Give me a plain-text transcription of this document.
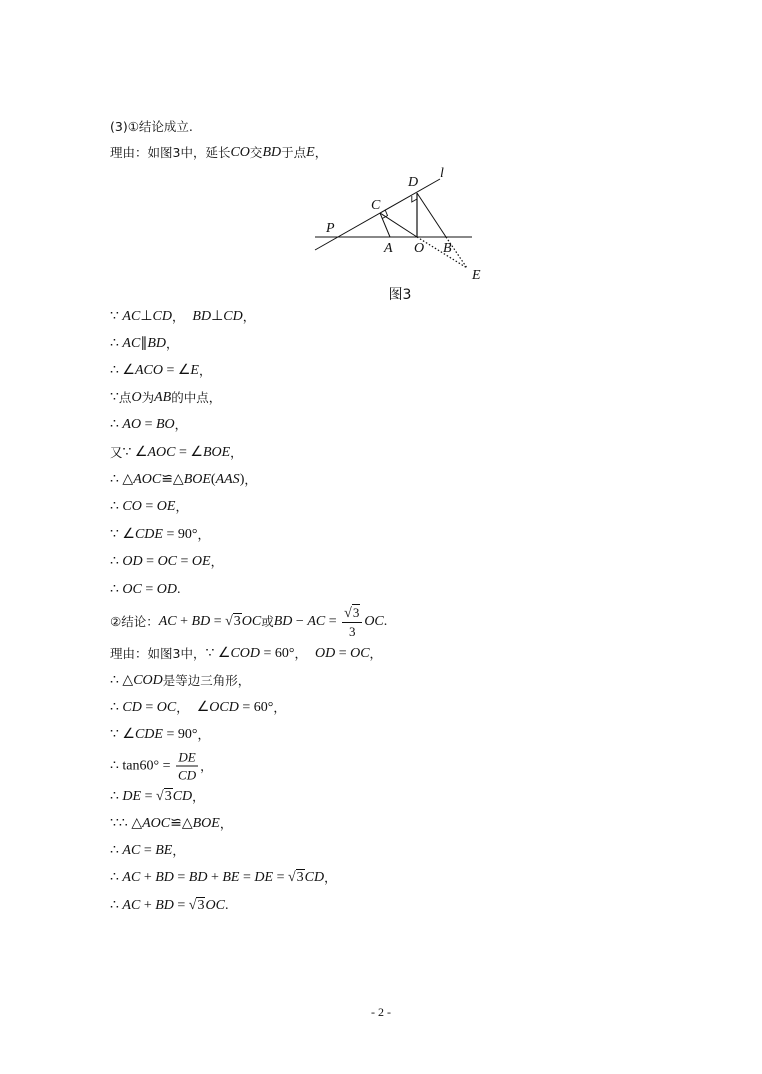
(3)①结论成立.
理由：如图3中，延长 CO 交 BD 于点 E ，
∵ AC⊥CD ， BD⊥CD ，
∴ AC∥BD ，
∴ ∠ACO = ∠E ，
∵ 点 O 为 AB 的中点，
∴ AO = BO ，
又 ∵ ∠AOC = ∠BOE ，
∴ △AOC≌△BOE(AAS) ，
∴ CO = OE ，
∵ ∠CDE = 90° ，
∴ OD = OC = OE ，
∴ OC = OD.
②结论： AC + BD = √3OC 或 BD − AC = $\frac{√3}{3}$ OC.
理由：如图3中， ∵ ∠COD = 60° ， OD = OC ，
∴ △COD 是等边三角形，
∴ CD = OC ， ∠OCD = 60° ，
∵ ∠CDE = 90° ，
∴ $\tan 60^\circ = \frac{DE}{CD}$ ，
∴ DE = √3CD ，
∵∴ △AOC≌△BOE ，
∴ AC = BE ，
∴ AC + BD = BD + BE = DE = √3CD ，
∴ AC + BD = √3OC.
P
C
D
l
A O B
E
图3
- 2 -
